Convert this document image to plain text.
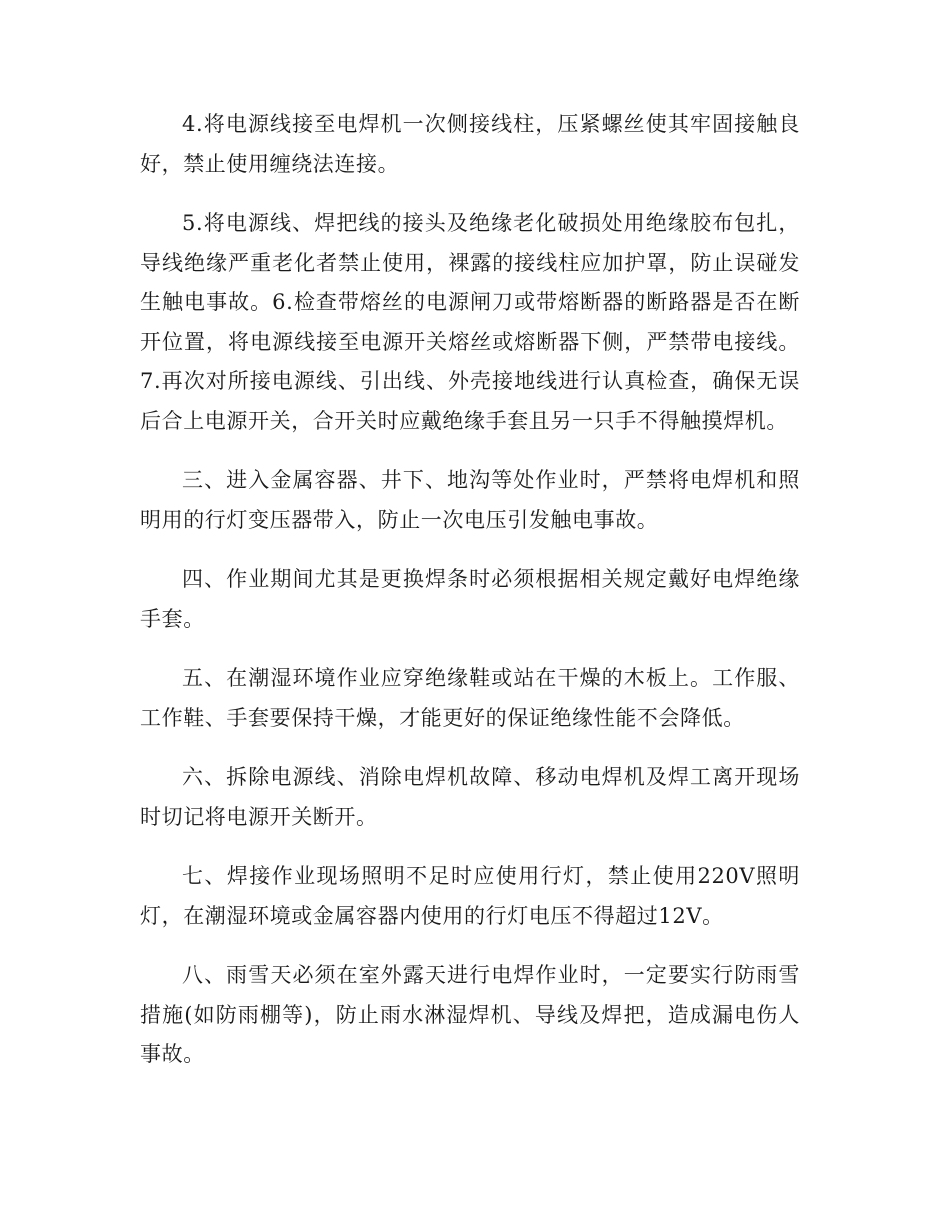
4.将电源线接至电焊机一次侧接线柱，压紧螺丝使其牢固接触良好，禁止使用缠绕法连接。

5.将电源线、焊把线的接头及绝缘老化破损处用绝缘胶布包扎，导线绝缘严重老化者禁止使用，裸露的接线柱应加护罩，防止误碰发生触电事故。6.检查带熔丝的电源闸刀或带熔断器的断路器是否在断开位置，将电源线接至电源开关熔丝或熔断器下侧，严禁带电接线。7.再次对所接电源线、引出线、外壳接地线进行认真检查，确保无误后合上电源开关，合开关时应戴绝缘手套且另一只手不得触摸焊机。

三、进入金属容器、井下、地沟等处作业时，严禁将电焊机和照明用的行灯变压器带入，防止一次电压引发触电事故。

四、作业期间尤其是更换焊条时必须根据相关规定戴好电焊绝缘手套。

五、在潮湿环境作业应穿绝缘鞋或站在干燥的木板上。工作服、工作鞋、手套要保持干燥，才能更好的保证绝缘性能不会降低。

六、拆除电源线、消除电焊机故障、移动电焊机及焊工离开现场时切记将电源开关断开。

七、焊接作业现场照明不足时应使用行灯，禁止使用220V照明灯，在潮湿环境或金属容器内使用的行灯电压不得超过12V。

八、雨雪天必须在室外露天进行电焊作业时，一定要实行防雨雪措施(如防雨棚等)，防止雨水淋湿焊机、导线及焊把，造成漏电伤人事故。
